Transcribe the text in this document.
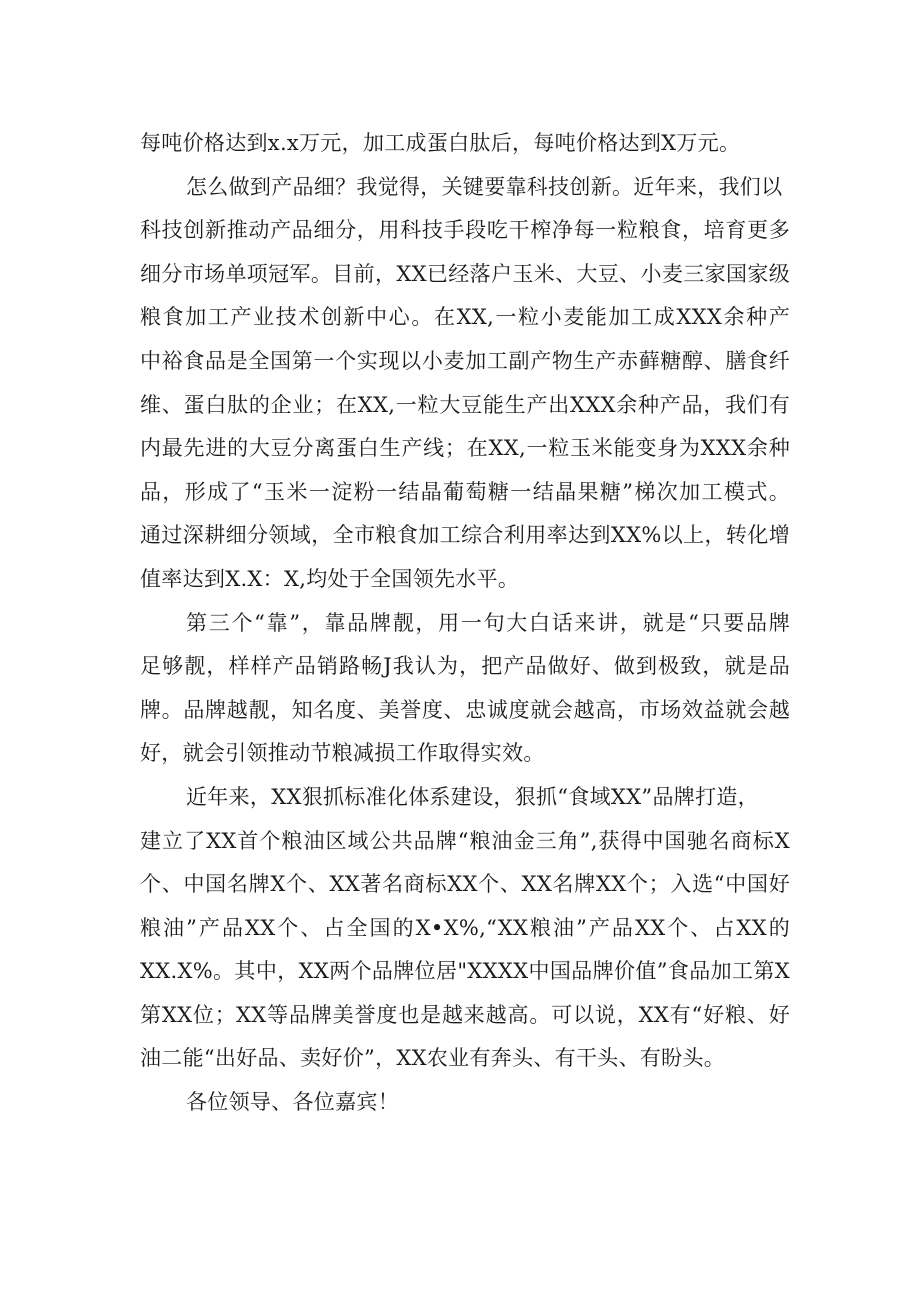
每吨价格达到x.x万元，加工成蛋白肽后，每吨价格达到X万元。
怎么做到产品细？我觉得，关键要靠科技创新。近年来，我们以
科技创新推动产品细分，用科技手段吃干榨净每一粒粮食，培育更多
细分市场单项冠军。目前，XX已经落户玉米、大豆、小麦三家国家级
粮食加工产业技术创新中心。在XX,一粒小麦能加工成XXX余种产
中裕食品是全国第一个实现以小麦加工副产物生产赤藓糖醇、膳食纤
维、蛋白肽的企业；在XX,一粒大豆能生产出XXX余种产品，我们有
内最先进的大豆分离蛋白生产线；在XX,一粒玉米能变身为XXX余种
品，形成了“玉米一淀粉一结晶葡萄糖一结晶果糖”梯次加工模式。
通过深耕细分领域，全市粮食加工综合利用率达到XX%以上，转化增
值率达到X.X：X,均处于全国领先水平。
第三个“靠”，靠品牌靓，用一句大白话来讲，就是“只要品牌
足够靓，样样产品销路畅J我认为，把产品做好、做到极致，就是品
牌。品牌越靓，知名度、美誉度、忠诚度就会越高，市场效益就会越
好，就会引领推动节粮减损工作取得实效。
近年来，XX狠抓标准化体系建设，狠抓“食域XX”品牌打造，
建立了XX首个粮油区域公共品牌“粮油金三角”,获得中国驰名商标X
个、中国名牌X个、XX著名商标XX个、XX名牌XX个；入选“中国好
粮油”产品XX个、占全国的X•X%,“XX粮油”产品XX个、占XX的
XX.X%。其中，XX两个品牌位居"XXXX中国品牌价值”食品加工第X
第XX位；XX等品牌美誉度也是越来越高。可以说，XX有“好粮、好
油二能“出好品、卖好价”，XX农业有奔头、有干头、有盼头。
各位领导、各位嘉宾！
